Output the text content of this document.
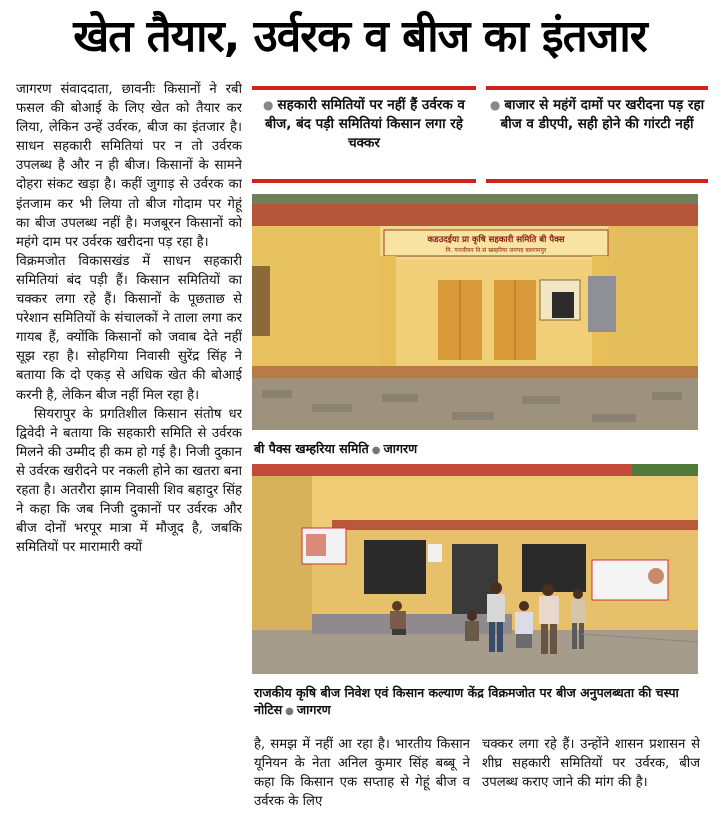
खेत तैयार, उर्वरक व बीज का इंतजार

जागरण संवाददाता, छावनीः किसानों ने रबी फसल की बोआई के लिए खेत को तैयार कर लिया, लेकिन उन्हें उर्वरक, बीज का इंतजार है। साधन सहकारी समितियां पर न तो उर्वरक उपलब्ध है और न ही बीज। किसानों के सामने दोहरा संकट खड़ा है। कहीं जुगाड़ से उर्वरक का इंतजाम कर भी लिया तो बीज गोदाम पर गेहूं का बीज उपलब्ध नहीं है। मजबूरन किसानों को महंगे दाम पर उर्वरक खरीदना पड़ रहा है।

विक्रमजोत विकासखंड में साधन सहकारी समितियां बंद पड़ी हैं। किसान समितियों का चक्कर लगा रहे हैं। किसानों के पूछताछ से परेशान समितियों के संचालकों ने ताला लगा कर गायब हैं, क्योंकि किसानों को जवाब देते नहीं सूझ रहा है। सोहगिया निवासी सुरेंद्र सिंह ने बताया कि दो एकड़ से अधिक खेत की बोआई करनी है, लेकिन बीज नहीं मिल रहा है।

सियरापुर के प्रगतिशील किसान संतोष धर द्विवेदी ने बताया कि सहकारी समिति से उर्वरक मिलने की उम्मीद ही कम हो गई है। निजी दुकान से उर्वरक खरीदने पर नकली होने का खतरा बना रहता है। अतरौरा झाम निवासी शिव बहादुर सिंह ने कहा कि जब निजी दुकानों पर उर्वरक और बीज दोनों भरपूर मात्रा में मौजूद है, जबकि समितियों पर मारामारी क्यों

● सहकारी समितियों पर नहीं हैं उर्वरक व बीज, बंद पड़ी समितियां किसान लगा रहे चक्कर
● बाजार से महंगें दामों पर खरीदना पड़ रहा बीज व डीएपी, सही होने की गांरटी नहीं
कडउदईया प्रा कृषि सहकारी समिति बी पैक्स
नि. पञ्जीयन नि.सं खम्हरिया जनपद बलरामपुर
बी पैक्स खम्हरिया समिति ● जागरण
राजकीय कृषि बीज निवेश एवं किसान कल्याण केंद्र विक्रमजोत पर बीज अनुपलब्धता की चस्पा नोटिस ● जागरण

है, समझ में नहीं आ रहा है। भारतीय किसान यूनियन के नेता अनिल कुमार सिंह बब्बू ने कहा कि किसान एक सप्ताह से गेहूं बीज व उर्वरक के लिए

चक्कर लगा रहे हैं। उन्होंने शासन प्रशासन से शीघ्र सहकारी समितियों पर उर्वरक, बीज उपलब्ध कराए जाने की मांग की है।
